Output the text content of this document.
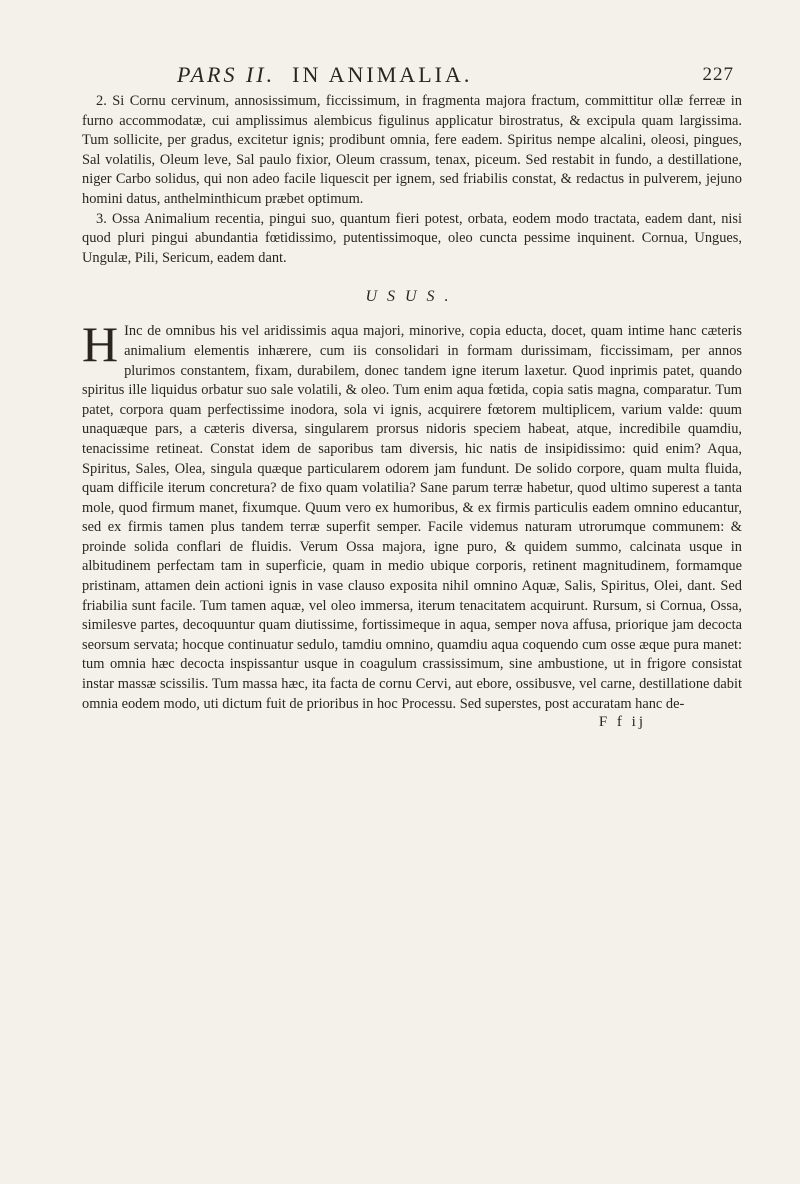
PARS II. IN ANIMALIA.	227

2. Si Cornu cervinum, annosissimum, ficcissimum, in fragmenta majora fractum, committitur ollæ ferreæ in furno accommodatæ, cui amplissimus alembicus figulinus applicatur birostratus, & excipula quam largissima. Tum sollicite, per gradus, excitetur ignis; prodibunt omnia, fere eadem. Spiritus nempe alcalini, oleosi, pingues, Sal volatilis, Oleum leve, Sal paulo fixior, Oleum crassum, tenax, piceum. Sed restabit in fundo, a destillatione, niger Carbo solidus, qui non adeo facile liquescit per ignem, sed friabilis constat, & redactus in pulverem, jejuno homini datus, anthelminthicum præbet optimum.

3. Ossa Animalium recentia, pingui suo, quantum fieri potest, orbata, eodem modo tractata, eadem dant, nisi quod pluri pingui abundantia fœtidissimo, putentissimoque, oleo cuncta pessime inquinent. Cornua, Ungues, Ungulæ, Pili, Sericum, eadem dant.

USUS.

H Inc de omnibus his vel aridissimis aqua majori, minorive, copia educta, docet, quam intime hanc cæteris animalium elementis inhærere, cum iis consolidari in formam durissimam, ficcissimam, per annos plurimos constantem, fixam, durabilem, donec tandem igne iterum laxetur. Quod inprimis patet, quando spiritus ille liquidus orbatur suo sale volatili, & oleo. Tum enim aqua fœtida, copia satis magna, comparatur. Tum patet, corpora quam perfectissime inodora, sola vi ignis, acquirere fœtorem multiplicem, varium valde: quum unaquæque pars, a cæteris diversa, singularem prorsus nidoris speciem habeat, atque, incredibile quamdiu, tenacissime retineat. Constat idem de saporibus tam diversis, hic natis de insipidissimo: quid enim? Aqua, Spiritus, Sales, Olea, singula quæque particularem odorem jam fundunt. De solido corpore, quam multa fluida, quam difficile iterum concretura? de fixo quam volatilia? Sane parum terræ habetur, quod ultimo superest a tanta mole, quod firmum manet, fixumque. Quum vero ex humoribus, & ex firmis particulis eadem omnino educantur, sed ex firmis tamen plus tandem terræ superfit semper. Facile videmus naturam utrorumque communem: & proinde solida conflari de fluidis. Verum Ossa majora, igne puro, & quidem summo, calcinata usque in albitudinem perfectam tam in superficie, quam in medio ubique corporis, retinent magnitudinem, formamque pristinam, attamen dein actioni ignis in vase clauso exposita nihil omnino Aquæ, Salis, Spiritus, Olei, dant. Sed friabilia sunt facile. Tum tamen aquæ, vel oleo immersa, iterum tenacitatem acquirunt. Rursum, si Cornua, Ossa, similesve partes, decoquuntur quam diutissime, fortissimeque in aqua, semper nova affusa, priorique jam decocta seorsum servata; hocque continuatur sedulo, tamdiu omnino, quamdiu aqua coquendo cum osse æque pura manet: tum omnia hæc decocta inspissantur usque in coagulum crassissimum, sine ambustione, ut in frigore consistat instar massæ scissilis. Tum massa hæc, ita facta de cornu Cervi, aut ebore, ossibusve, vel carne, destillatione dabit omnia eodem modo, uti dictum fuit de prioribus in hoc Processu. Sed superstes, post accuratam hanc de-

F f ij
